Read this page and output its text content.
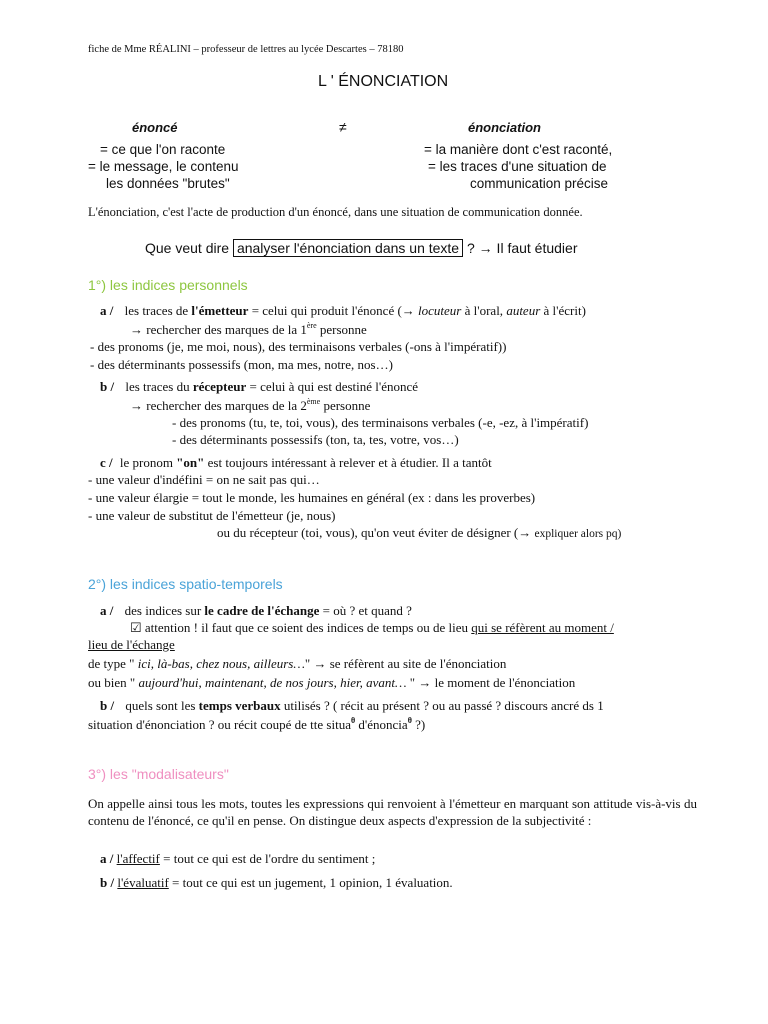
fiche de Mme RÉALINI – professeur de lettres au lycée Descartes – 78180
L ' ÉNONCIATION
énoncé	≠	énonciation
= ce que l'on raconte
= le message, le contenu
les données "brutes"
= la manière dont c'est raconté,
= les traces d'une situation de
communication précise
L'énonciation, c'est l'acte de production d'un énoncé, dans une situation de communication donnée.
Que veut dire analyser l'énonciation dans un texte ? → Il faut étudier
1°) les indices personnels
a / les traces de l'émetteur = celui qui produit l'énoncé (→ locuteur à l'oral, auteur à l'écrit)
→ rechercher des marques de la 1ère personne
- des pronoms (je, me moi, nous), des terminaisons verbales (-ons à l'impératif))
- des déterminants possessifs (mon, ma mes, notre, nos…)
b / les traces du récepteur = celui à qui est destiné l'énoncé
→ rechercher des marques de la 2ème personne
- des pronoms (tu, te, toi, vous), des terminaisons verbales (-e, -ez, à l'impératif)
- des déterminants possessifs (ton, ta, tes, votre, vos…)
c / le pronom "on" est toujours intéressant à relever et à étudier. Il a tantôt
- une valeur d'indéfini = on ne sait pas qui…
- une valeur élargie = tout le monde, les humaines en général (ex : dans les proverbes)
- une valeur de substitut de l'émetteur (je, nous)
ou du récepteur (toi, vous), qu'on veut éviter de désigner (→ expliquer alors pq)
2°) les indices spatio-temporels
a / des indices sur le cadre de l'échange = où ? et quand ?
☑ attention ! il faut que ce soient des indices de temps ou de lieu qui se réfèrent au moment /
lieu de l'échange
de type " ici, là-bas, chez nous, ailleurs…" → se réfèrent au site de l'énonciation
ou bien " aujourd'hui, maintenant, de nos jours, hier, avant… " → le moment de l'énonciation
b / quels sont les temps verbaux utilisés ? ( récit au présent ? ou au passé ? discours ancré ds 1
situation d'énonciation ? ou récit coupé de tte situa$^\theta$ d'énoncia$^\theta$ ?)
3°) les "modalisateurs"
On appelle ainsi tous les mots, toutes les expressions qui renvoient à l'émetteur en marquant son attitude vis-à-vis du contenu de l'énoncé, ce qu'il en pense. On distingue deux aspects d'expression de la subjectivité :
a / l'affectif = tout ce qui est de l'ordre du sentiment ;
b / l'évaluatif = tout ce qui est un jugement, 1 opinion, 1 évaluation.
